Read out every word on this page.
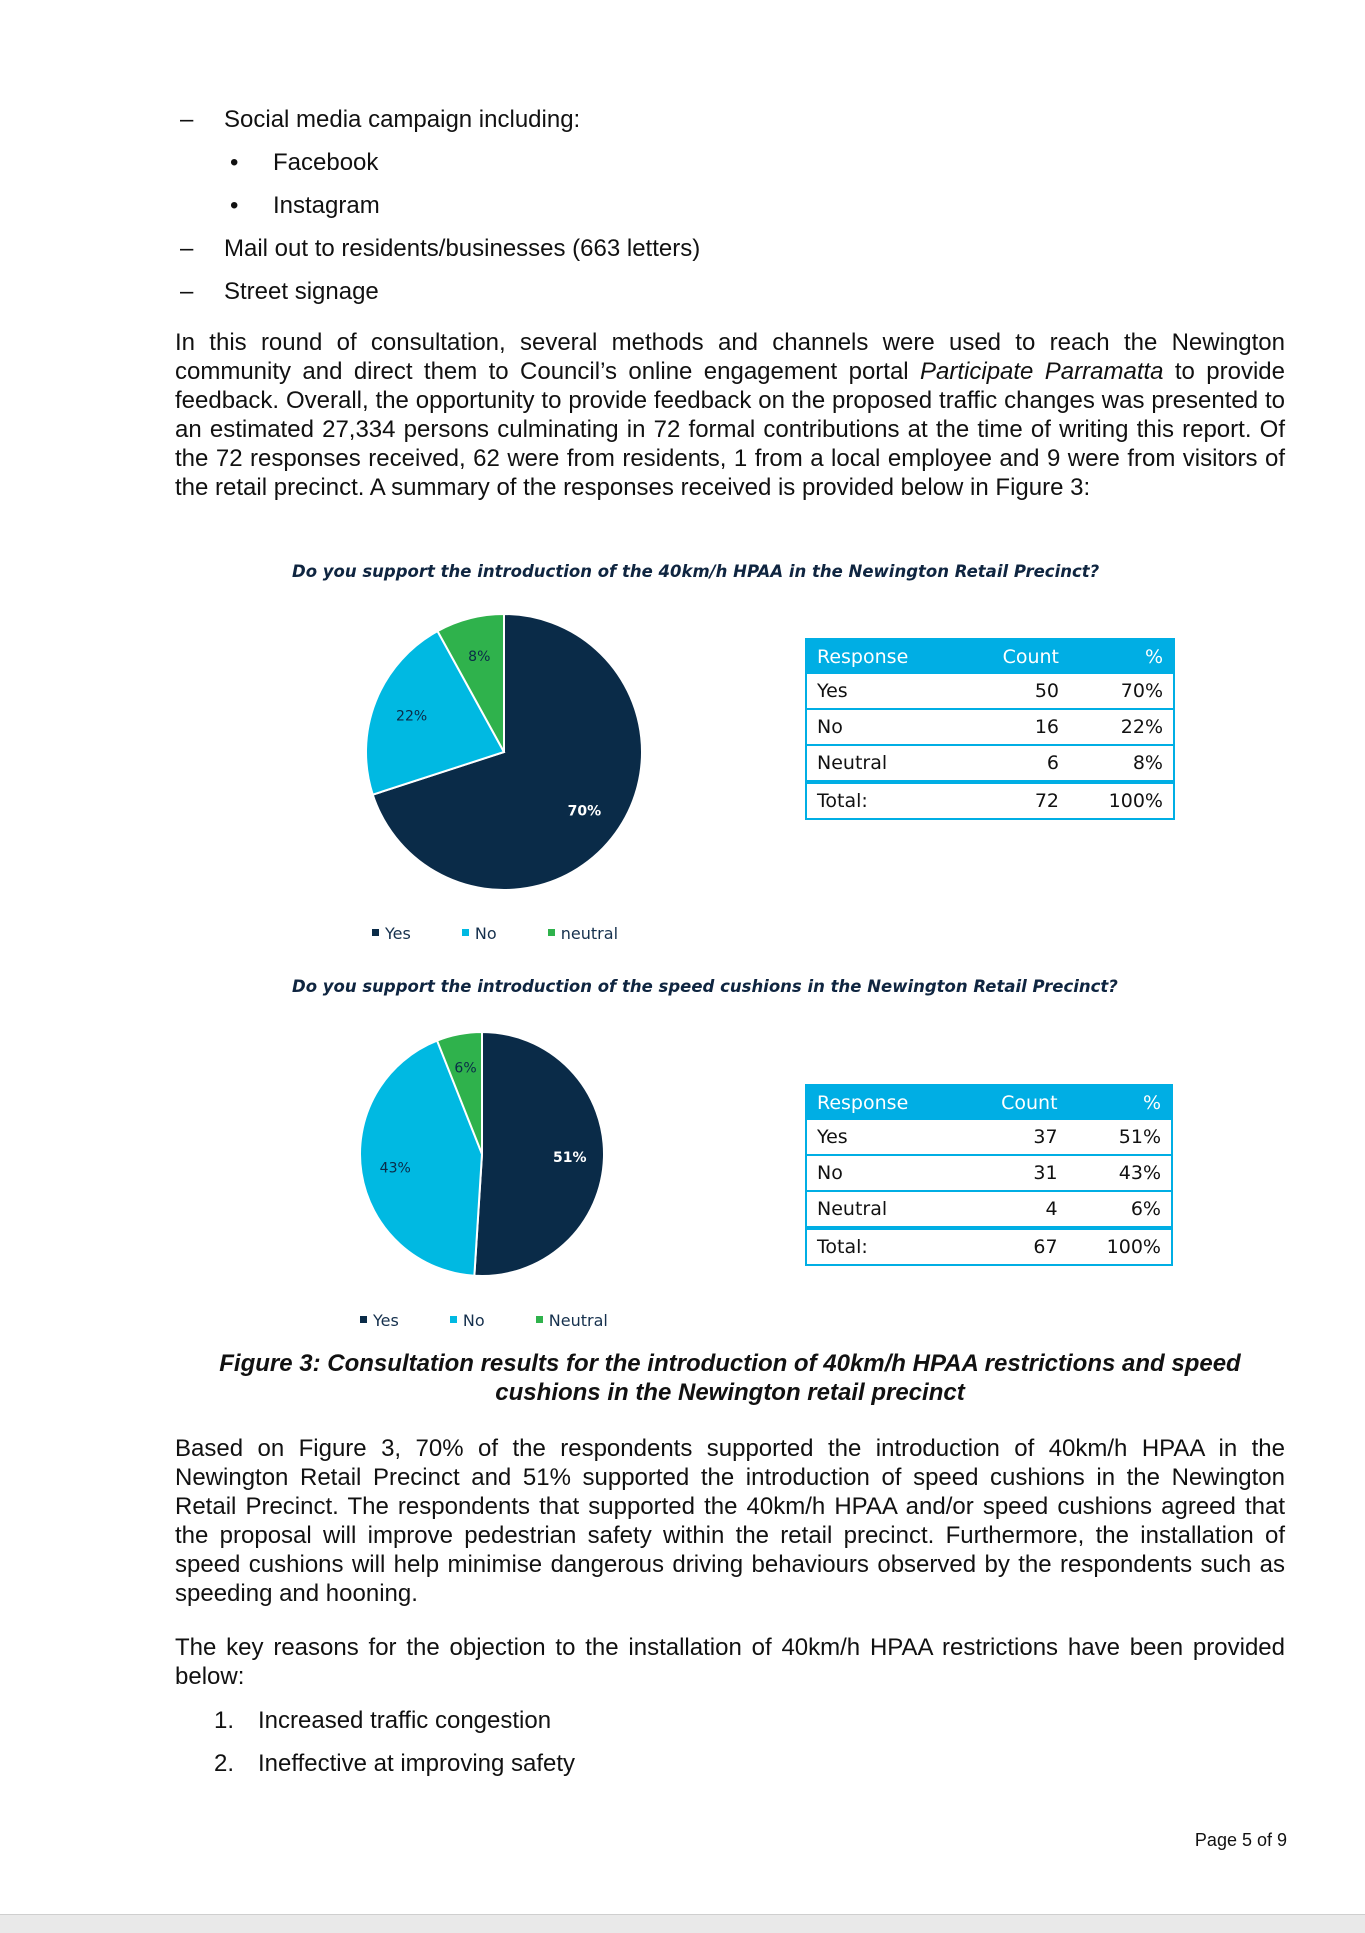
–	Social media campaign including:
• Facebook
• Instagram
–	Mail out to residents/businesses (663 letters)
–	Street signage

In this round of consultation, several methods and channels were used to reach the Newington community and direct them to Council’s online engagement portal Participate Parramatta to provide feedback. Overall, the opportunity to provide feedback on the proposed traffic changes was presented to an estimated 27,334 persons culminating in 72 formal contributions at the time of writing this report. Of the 72 responses received, 62 were from residents, 1 from a local employee and 9 were from visitors of the retail precinct. A summary of the responses received is provided below in Figure 3:

Do you support the introduction of the 40km/h HPAA in the Newington Retail Precinct?
70%
22%
8%	Response	Count	%
Yes	50	70%
No	16	22%
Neutral	6	8%
Total:	72	100%
Yes	No	neutral
Do you support the introduction of the speed cushions in the Newington Retail Precinct?
51%
43%
6%
Response	Count	%
Yes	37	51%
No	31	43%
Neutral	4	6%
Total:	67	100%
Yes	No	Neutral
Figure 3: Consultation results for the introduction of 40km/h HPAA restrictions and speed cushions in the Newington retail precinct

Based on Figure 3, 70% of the respondents supported the introduction of 40km/h HPAA in the Newington Retail Precinct and 51% supported the introduction of speed cushions in the Newington Retail Precinct. The respondents that supported the 40km/h HPAA and/or speed cushions agreed that the proposal will improve pedestrian safety within the retail precinct. Furthermore, the installation of speed cushions will help minimise dangerous driving behaviours observed by the respondents such as speeding and hooning.

The key reasons for the objection to the installation of 40km/h HPAA restrictions have been provided below:

1. Increased traffic congestion
2. Ineffective at improving safety
Page 5 of 9
